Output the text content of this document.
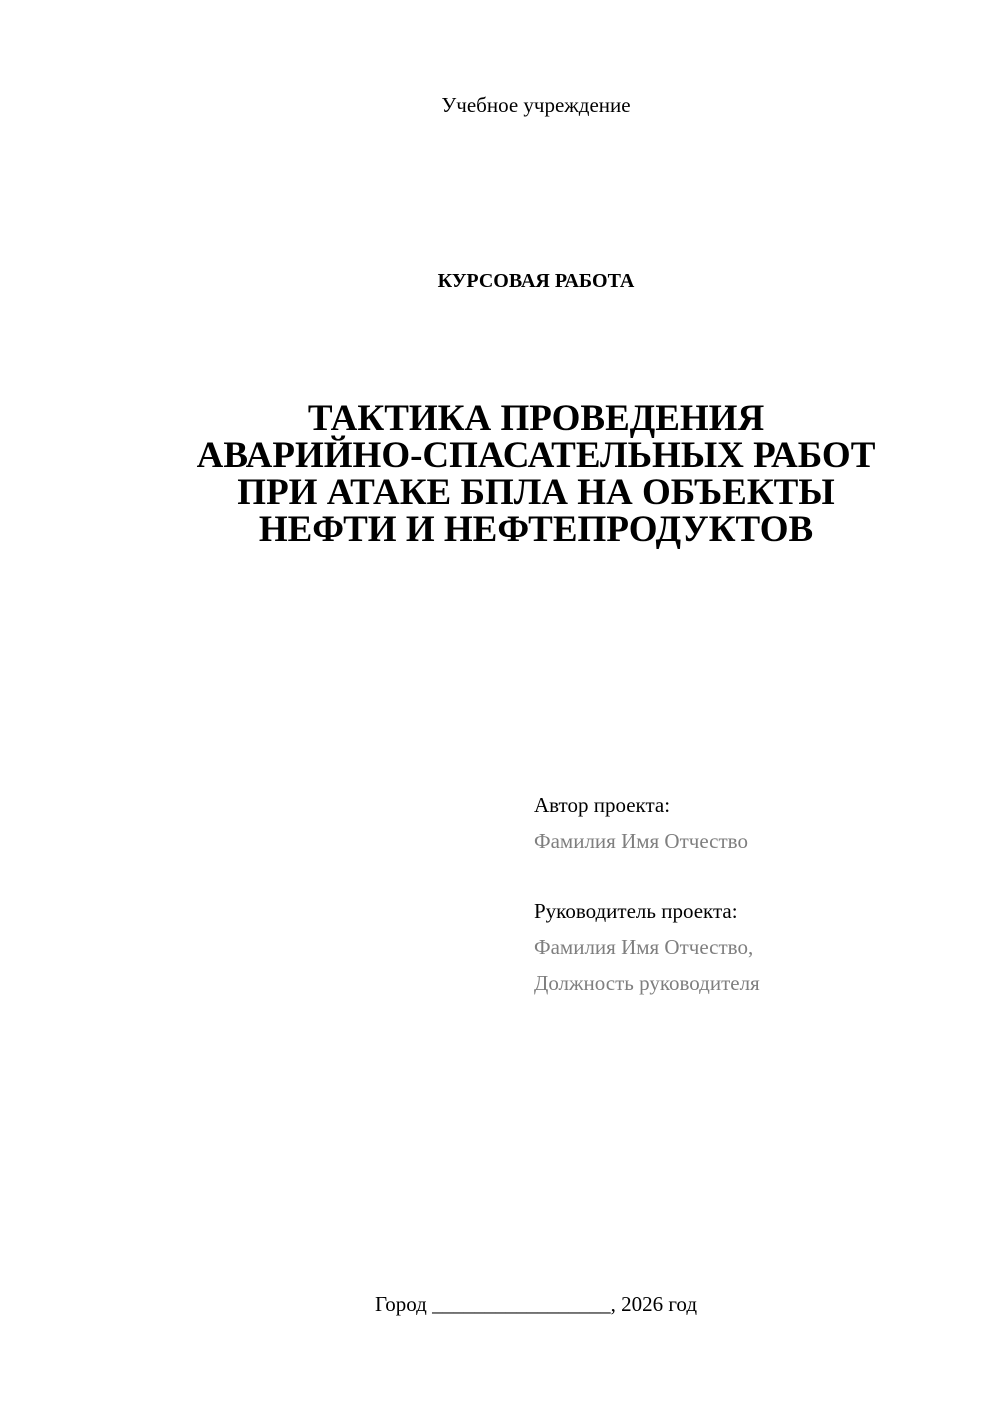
Учебное учреждение
КУРСОВАЯ РАБОТА
ТАКТИКА ПРОВЕДЕНИЯ
АВАРИЙНО-СПАСАТЕЛЬНЫХ РАБОТ
ПРИ АТАКЕ БПЛА НА ОБЪЕКТЫ
НЕФТИ И НЕФТЕПРОДУКТОВ
Автор проекта:
Фамилия Имя Отчество
Руководитель проекта:
Фамилия Имя Отчество,
Должность руководителя
Город _________________, 2026 год
